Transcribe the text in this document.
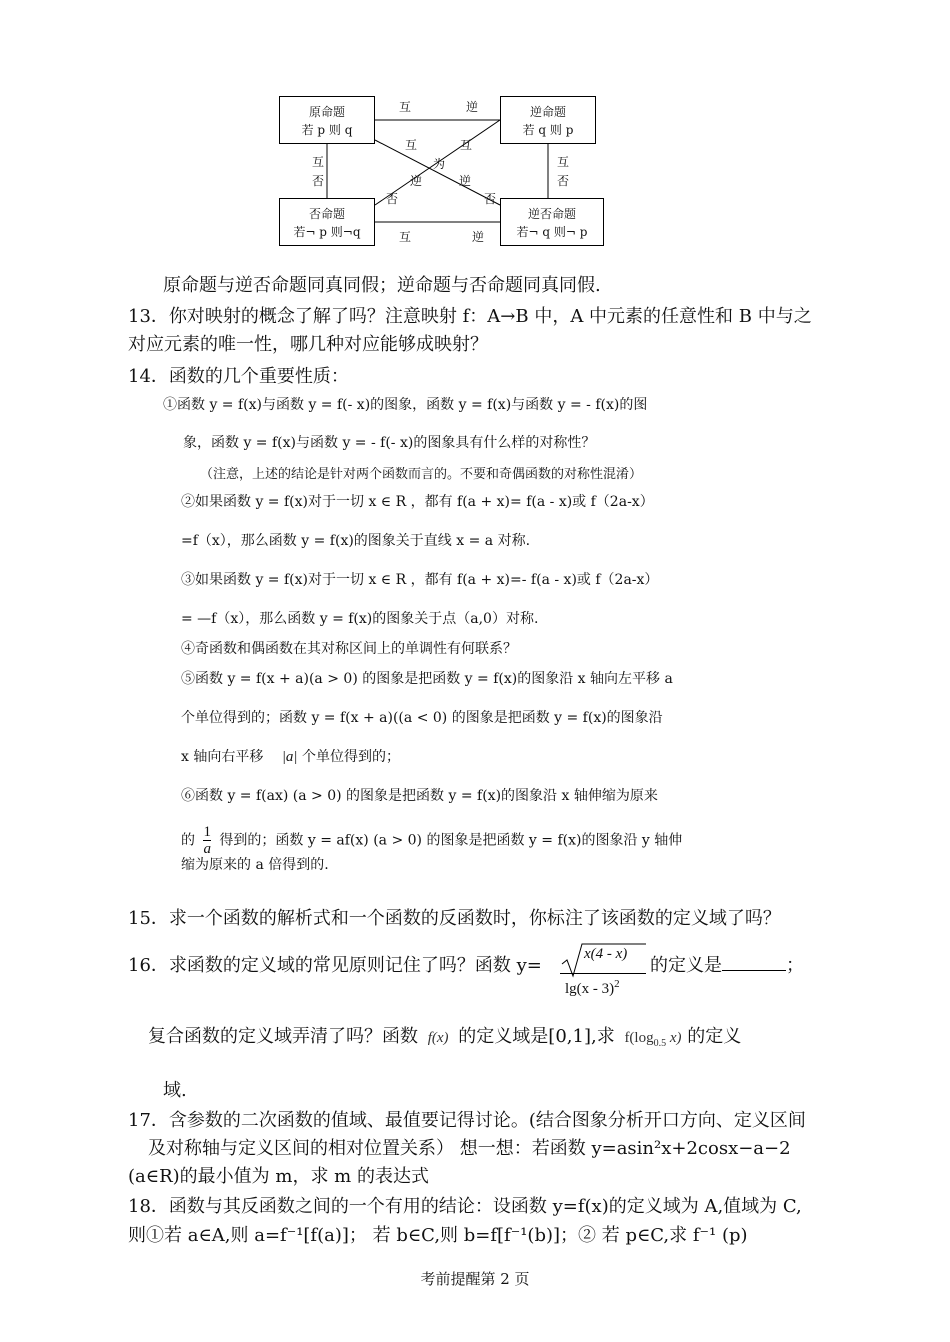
原命题
若 p 则 q
逆命题
若 q 则 p
否命题
若¬ p 则¬q
逆否命题
若¬ q 则¬ p
互	逆
互	逆
互
否
互
否
互	互
为
逆	逆
否	否
原命题与逆否命题同真同假；逆命题与否命题同真同假.
13．你对映射的概念了解了吗？注意映射 f：A→B 中，A 中元素的任意性和 B 中与之
对应元素的唯一性，哪几种对应能够成映射？
14．函数的几个重要性质：
①函数 y = f(x)与函数 y = f(- x)的图象，函数 y = f(x)与函数 y = - f(x)的图
象，函数 y = f(x)与函数 y = - f(- x)的图象具有什么样的对称性？
（注意，上述的结论是针对两个函数而言的。不要和奇偶函数的对称性混淆）
②如果函数 y = f(x)对于一切 x ∈ R ，都有 f(a + x)= f(a - x)或 f（2a-x）
=f（x），那么函数 y = f(x)的图象关于直线 x = a 对称.
③如果函数 y = f(x)对于一切 x ∈ R ，都有 f(a + x)=- f(a - x)或 f（2a-x）
= —f（x），那么函数 y = f(x)的图象关于点（a,0）对称.
④奇函数和偶函数在其对称区间上的单调性有何联系？
⑤函数 y = f(x + a)(a > 0) 的图象是把函数 y = f(x)的图象沿 x 轴向左平移 a
个单位得到的；函数 y = f(x + a)((a < 0) 的图象是把函数 y = f(x)的图象沿
x 轴向右平移 |a| 个单位得到的；
⑥函数 y = f(ax) (a > 0) 的图象是把函数 y = f(x)的图象沿 x 轴伸缩为原来
的 $\frac{1}{a}$ 得到的；函数 y = af(x) (a > 0) 的图象是把函数 y = f(x)的图象沿 y 轴伸
缩为原来的 a 倍得到的.
15．求一个函数的解析式和一个函数的反函数时，你标注了该函数的定义域了吗？
16．求函数的定义域的常见原则记住了吗？函数 y=
x(4 - x)
lg(x - 3)$^2$
的定义是	；
复合函数的定义域弄清了吗？函数 f(x) 的定义域是[0,1],求 $f(\log_{0.5}$ x) 的定义
域.
17．含参数的二次函数的值域、最值要记得讨论。(结合图象分析开口方向、定义区间
及对称轴与定义区间的相对位置关系） 想一想：若函数 y=asin²x+2cosx−a−2
(a∈R)的最小值为 m，求 m 的表达式
18．函数与其反函数之间的一个有用的结论：设函数 y=f(x)的定义域为 A,值域为 C,
则①若 a∈A,则 a=f⁻¹[f(a)]； 若 b∈C,则 b=f[f⁻¹(b)]；② 若 p∈C,求 f⁻¹ (p)
考前提醒第 2 页
